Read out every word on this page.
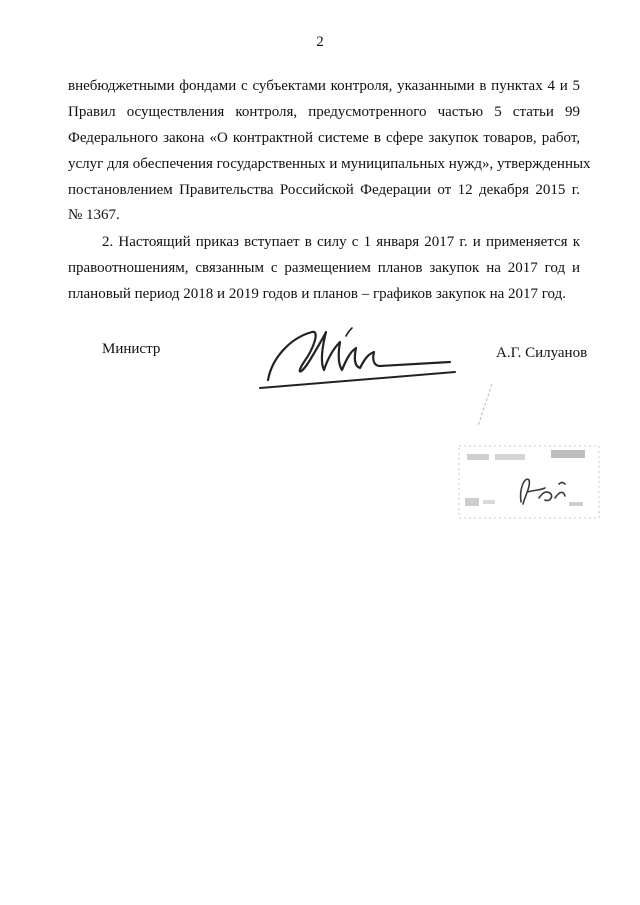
2
внебюджетными фондами с субъектами контроля, указанными в пунктах 4 и 5
Правил осуществления контроля, предусмотренного частью 5 статьи 99
Федерального закона «О контрактной системе в сфере закупок товаров, работ,
услуг для обеспечения государственных и муниципальных нужд», утвержденных
постановлением Правительства Российской Федерации от 12 декабря 2015 г.
№ 1367.
2. Настоящий приказ вступает в силу с 1 января 2017 г. и применяется к
правоотношениям, связанным с размещением планов закупок на 2017 год и
плановый период 2018 и 2019 годов и планов – графиков закупок на 2017 год.
Министр	А.Г. Силуанов
